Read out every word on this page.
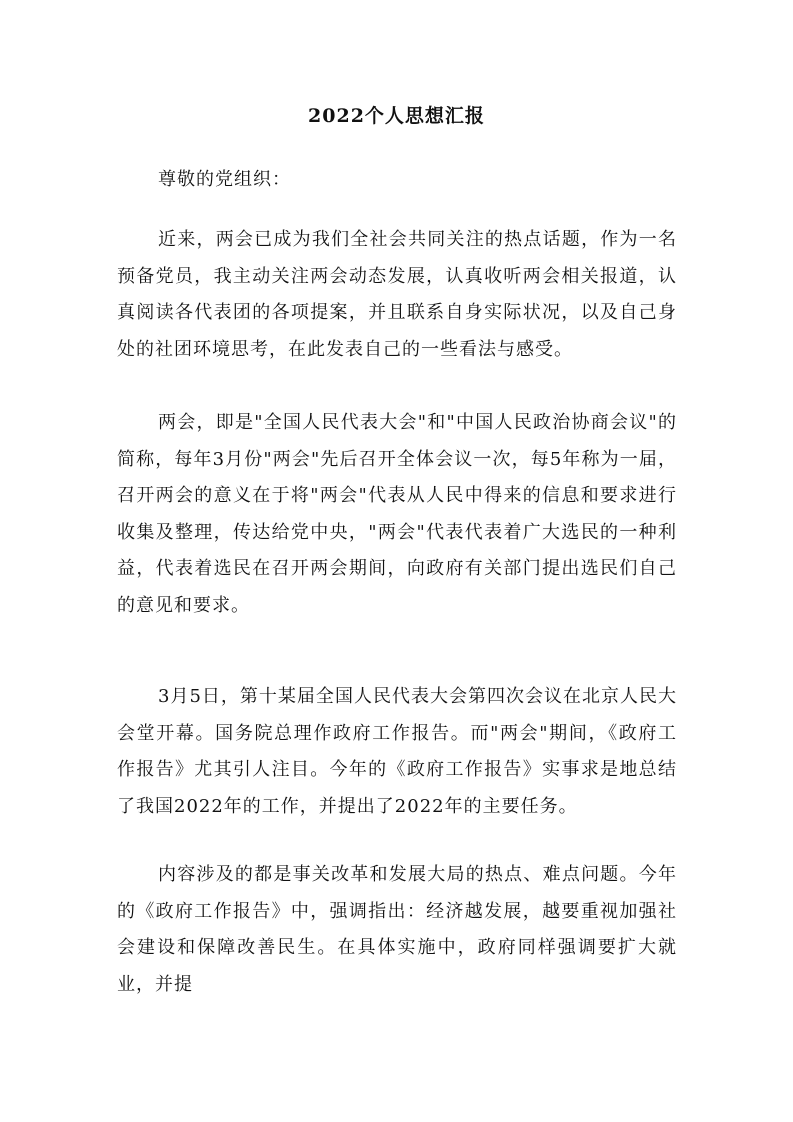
2022个人思想汇报
尊敬的党组织：

近来，两会已成为我们全社会共同关注的热点话题，作为一名预备党员，我主动关注两会动态发展，认真收听两会相关报道，认真阅读各代表团的各项提案，并且联系自身实际状况，以及自己身处的社团环境思考，在此发表自己的一些看法与感受。

两会，即是"全国人民代表大会"和"中国人民政治协商会议"的简称，每年3月份"两会"先后召开全体会议一次，每5年称为一届，召开两会的意义在于将"两会"代表从人民中得来的信息和要求进行收集及整理，传达给党中央，"两会"代表代表着广大选民的一种利益，代表着选民在召开两会期间，向政府有关部门提出选民们自己的意见和要求。

3月5日，第十某届全国人民代表大会第四次会议在北京人民大会堂开幕。国务院总理作政府工作报告。而"两会"期间，《政府工作报告》尤其引人注目。今年的《政府工作报告》实事求是地总结了我国2022年的工作，并提出了2022年的主要任务。

内容涉及的都是事关改革和发展大局的热点、难点问题。今年的《政府工作报告》中，强调指出：经济越发展，越要重视加强社会建设和保障改善民生。在具体实施中，政府同样强调要扩大就业，并提
